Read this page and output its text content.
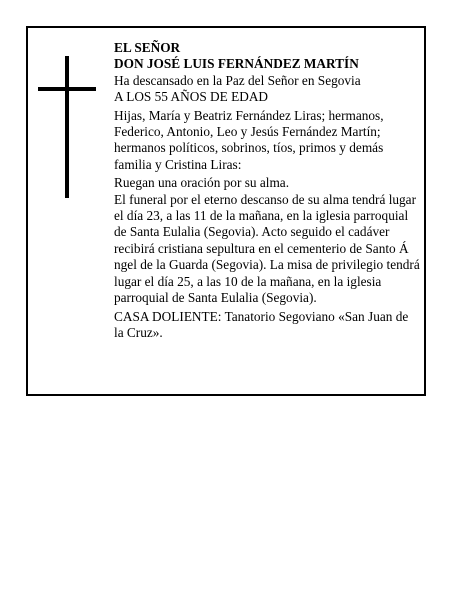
EL SEÑOR

DON JOSÉ LUIS FERNÁNDEZ MARTÍN

Ha descansado en la Paz del Señor en Segovia

A LOS 55 AÑOS DE EDAD

Hijas, María y Beatriz Fernández Liras; hermanos, Federico, Antonio, Leo y Jesús Fernández Martín; hermanos políticos, sobrinos, tíos, primos y demás familia y Cristina Liras:

Ruegan una oración por su alma.

El funeral por el eterno descanso de su alma tendrá lugar el día 23, a las 11 de la mañana, en la iglesia parroquial de Santa Eulalia (Segovia). Acto seguido el cadáver recibirá cristiana sepultura en el cementerio de Santo Á ngel de la Guarda (Segovia). La misa de privilegio tendrá lugar el día 25, a las 10 de la mañana, en la iglesia parroquial de Santa Eulalia (Segovia).

CASA DOLIENTE: Tanatorio Segoviano «San Juan de la Cruz».
